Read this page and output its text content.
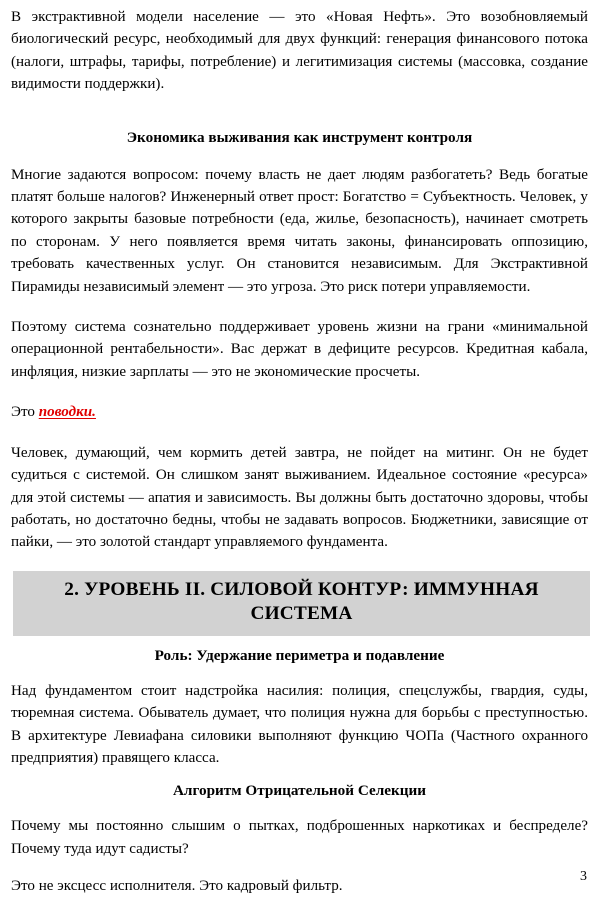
В экстрактивной модели население — это «Новая Нефть». Это возобновляемый биологический ресурс, необходимый для двух функций: генерация финансового потока (налоги, штрафы, тарифы, потребление) и легитимизация системы (массовка, создание видимости поддержки).

Экономика выживания как инструмент контроля

Многие задаются вопросом: почему власть не дает людям разбогатеть? Ведь богатые платят больше налогов? Инженерный ответ прост: Богатство = Субъектность. Человек, у которого закрыты базовые потребности (еда, жилье, безопасность), начинает смотреть по сторонам. У него появляется время читать законы, финансировать оппозицию, требовать качественных услуг. Он становится независимым. Для Экстрактивной Пирамиды независимый элемент — это угроза. Это риск потери управляемости.

Поэтому система сознательно поддерживает уровень жизни на грани «минимальной операционной рентабельности». Вас держат в дефиците ресурсов. Кредитная кабала, инфляция, низкие зарплаты — это не экономические просчеты.

Это поводки.

Человек, думающий, чем кормить детей завтра, не пойдет на митинг. Он не будет судиться с системой. Он слишком занят выживанием. Идеальное состояние «ресурса» для этой системы — апатия и зависимость. Вы должны быть достаточно здоровы, чтобы работать, но достаточно бедны, чтобы не задавать вопросов. Бюджетники, зависящие от пайки, — это золотой стандарт управляемого фундамента.

2. УРОВЕНЬ II. СИЛОВОЙ КОНТУР: ИММУННАЯ СИСТЕМА
Роль: Удержание периметра и подавление

Над фундаментом стоит надстройка насилия: полиция, спецслужбы, гвардия, суды, тюремная система. Обыватель думает, что полиция нужна для борьбы с преступностью. В архитектуре Левиафана силовики выполняют функцию ЧОПа (Частного охранного предприятия) правящего класса.

Алгоритм Отрицательной Селекции

Почему мы постоянно слышим о пытках, подброшенных наркотиках и беспределе? Почему туда идут садисты?

Это не эксцесс исполнителя. Это кадровый фильтр.

3
